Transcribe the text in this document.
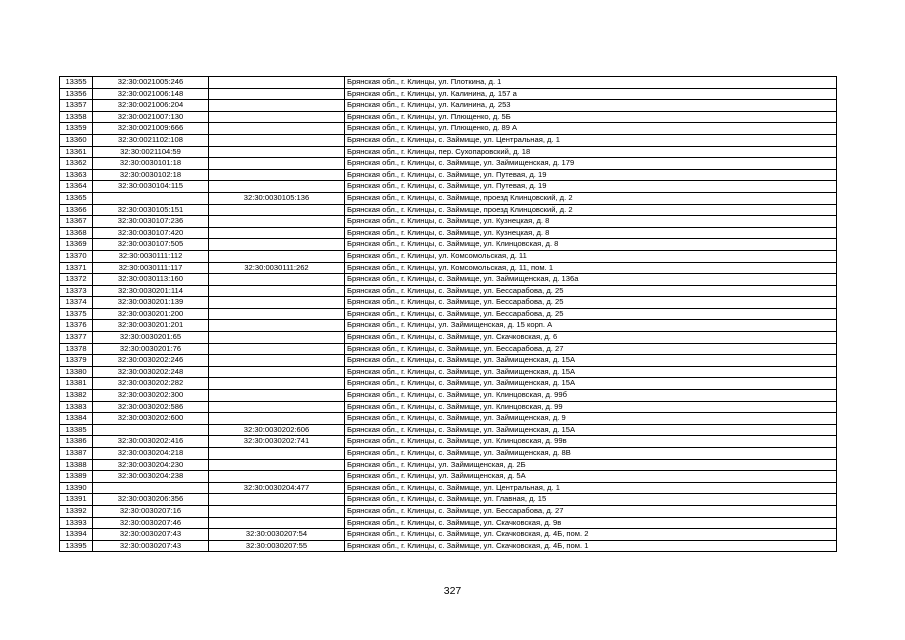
13355	32:30:0021005:246		Брянская обл., г. Клинцы, ул. Плоткина, д. 1
13356	32:30:0021006:148		Брянская обл., г. Клинцы, ул. Калинина, д. 157 а
13357	32:30:0021006:204		Брянская обл., г. Клинцы, ул. Калинина, д. 253
13358	32:30:0021007:130		Брянская обл., г. Клинцы, ул. Плющенко, д. 5Б
13359	32:30:0021009:666		Брянская обл., г. Клинцы, ул. Плющенко, д. 89 А
13360	32:30:0021102:108		Брянская обл., г. Клинцы, с. Займище, ул. Центральная, д. 1
13361	32:30:0021104:59		Брянская обл., г. Клинцы, пер. Сухопаровский, д. 18
13362	32:30:0030101:18		Брянская обл., г. Клинцы, с. Займище, ул. Займищенская, д. 179
13363	32:30:0030102:18		Брянская обл., г. Клинцы, с. Займище, ул. Путевая, д. 19
13364	32:30:0030104:115		Брянская обл., г. Клинцы, с. Займище, ул. Путевая, д. 19
13365		32:30:0030105:136	Брянская обл., г. Клинцы, с. Займище, проезд Клинцовский, д. 2
13366	32:30:0030105:151		Брянская обл., г. Клинцы, с. Займище, проезд Клинцовский, д. 2
13367	32:30:0030107:236		Брянская обл., г. Клинцы, с. Займище, ул. Кузнецкая, д. 8
13368	32:30:0030107:420		Брянская обл., г. Клинцы, с. Займище, ул. Кузнецкая, д. 8
13369	32:30:0030107:505		Брянская обл., г. Клинцы, с. Займище, ул. Клинцовская, д. 8
13370	32:30:0030111:112		Брянская обл., г. Клинцы, ул. Комсомольская, д. 11
13371	32:30:0030111:117	32:30:0030111:262	Брянская обл., г. Клинцы, ул. Комсомольская, д. 11, пом. 1
13372	32:30:0030113:160		Брянская обл., г. Клинцы, с. Займище, ул. Займищенская, д. 136а
13373	32:30:0030201:114		Брянская обл., г. Клинцы, с. Займище, ул. Бессарабова, д. 25
13374	32:30:0030201:139		Брянская обл., г. Клинцы, с. Займище, ул. Бессарабова, д. 25
13375	32:30:0030201:200		Брянская обл., г. Клинцы, с. Займище, ул. Бессарабова, д. 25
13376	32:30:0030201:201		Брянская обл., г. Клинцы, ул. Займищенская, д. 15 корп. А
13377	32:30:0030201:65		Брянская обл., г. Клинцы, с. Займище, ул. Скачковская, д. 6
13378	32:30:0030201:76		Брянская обл., г. Клинцы, с. Займище, ул. Бессарабова, д. 27
13379	32:30:0030202:246		Брянская обл., г. Клинцы, с. Займище, ул. Займищенская, д. 15А
13380	32:30:0030202:248		Брянская обл., г. Клинцы, с. Займище, ул. Займищенская, д. 15А
13381	32:30:0030202:282		Брянская обл., г. Клинцы, с. Займище, ул. Займищенская, д. 15А
13382	32:30:0030202:300		Брянская обл., г. Клинцы, с. Займище, ул. Клинцовская, д. 99б
13383	32:30:0030202:586		Брянская обл., г. Клинцы, с. Займище, ул. Клинцовская, д. 99
13384	32:30:0030202:600		Брянская обл., г. Клинцы, с. Займище, ул. Займищенская, д. 9
13385		32:30:0030202:606	Брянская обл., г. Клинцы, с. Займище, ул. Займищенская, д. 15А
13386	32:30:0030202:416	32:30:0030202:741	Брянская обл., г. Клинцы, с. Займище, ул. Клинцовская, д. 99в
13387	32:30:0030204:218		Брянская обл., г. Клинцы, с. Займище, ул. Займищенская, д. 8В
13388	32:30:0030204:230		Брянская обл., г. Клинцы, ул. Займищенская, д. 2Б
13389	32:30:0030204:238		Брянская обл., г. Клинцы, ул. Займищенская, д. 5А
13390		32:30:0030204:477	Брянская обл., г. Клинцы, с. Займище, ул. Центральная, д. 1
13391	32:30:0030206:356		Брянская обл., г. Клинцы, с. Займище, ул. Главная, д. 15
13392	32:30:0030207:16		Брянская обл., г. Клинцы, с. Займище, ул. Бессарабова, д. 27
13393	32:30:0030207:46		Брянская обл., г. Клинцы, с. Займище, ул. Скачковская, д. 9в
13394	32:30:0030207:43	32:30:0030207:54	Брянская обл., г. Клинцы, с. Займище, ул. Скачковская, д. 4Б, пом. 2
13395	32:30:0030207:43	32:30:0030207:55	Брянская обл., г. Клинцы, с. Займище, ул. Скачковская, д. 4Б, пом. 1
327
